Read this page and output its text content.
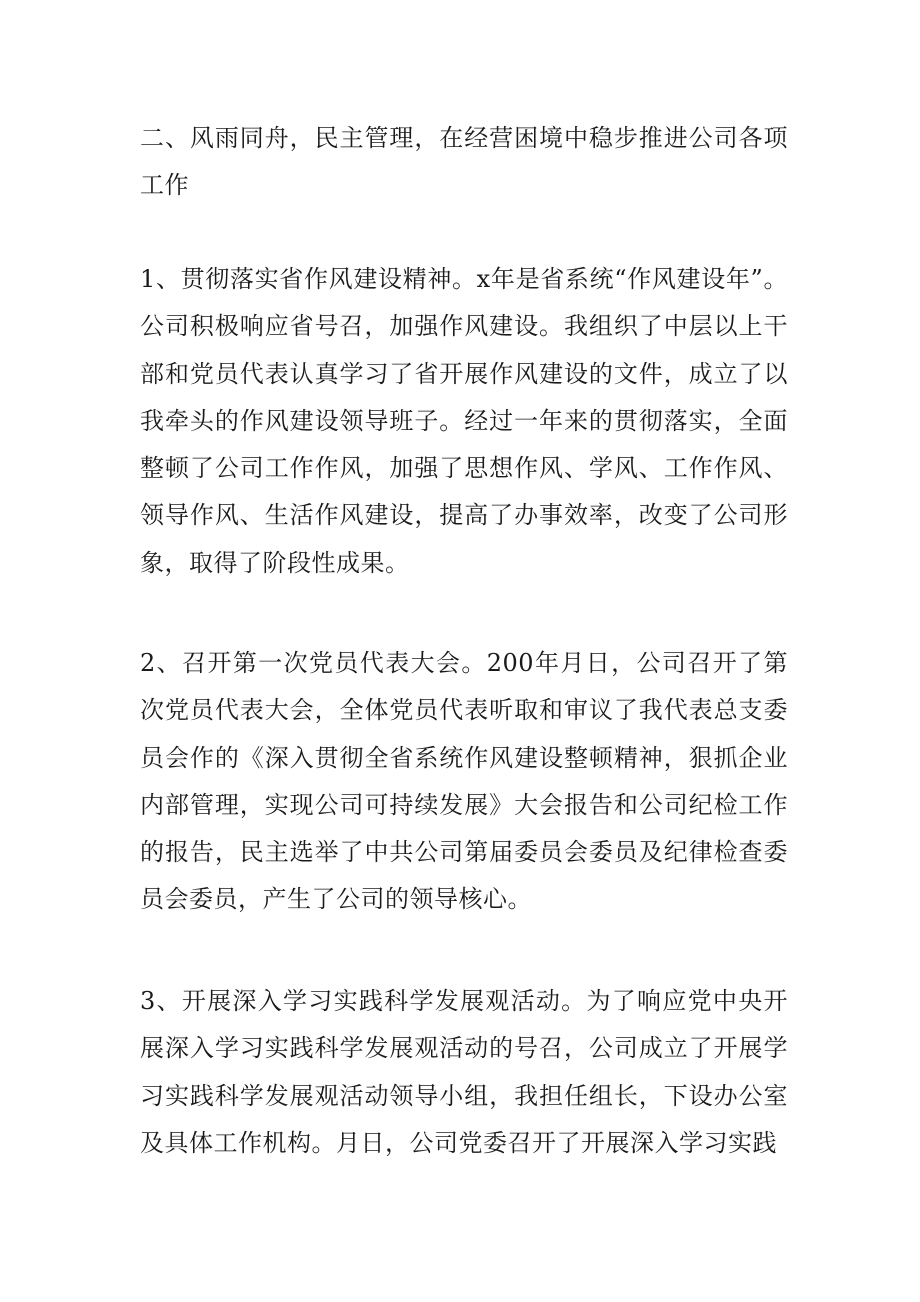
二、风雨同舟，民主管理，在经营困境中稳步推进公司各项工作

1、贯彻落实省作风建设精神。x年是省系统“作风建设年”。公司积极响应省号召，加强作风建设。我组织了中层以上干部和党员代表认真学习了省开展作风建设的文件，成立了以我牵头的作风建设领导班子。经过一年来的贯彻落实，全面整顿了公司工作作风，加强了思想作风、学风、工作作风、领导作风、生活作风建设，提高了办事效率，改变了公司形象，取得了阶段性成果。

2、召开第一次党员代表大会。200年月日，公司召开了第次党员代表大会，全体党员代表听取和审议了我代表总支委员会作的《深入贯彻全省系统作风建设整顿精神，狠抓企业内部管理，实现公司可持续发展》大会报告和公司纪检工作的报告，民主选举了中共公司第届委员会委员及纪律检查委员会委员，产生了公司的领导核心。

3、开展深入学习实践科学发展观活动。为了响应党中央开展深入学习实践科学发展观活动的号召，公司成立了开展学习实践科学发展观活动领导小组，我担任组长，下设办公室及具体工作机构。月日，公司党委召开了开展深入学习实践
